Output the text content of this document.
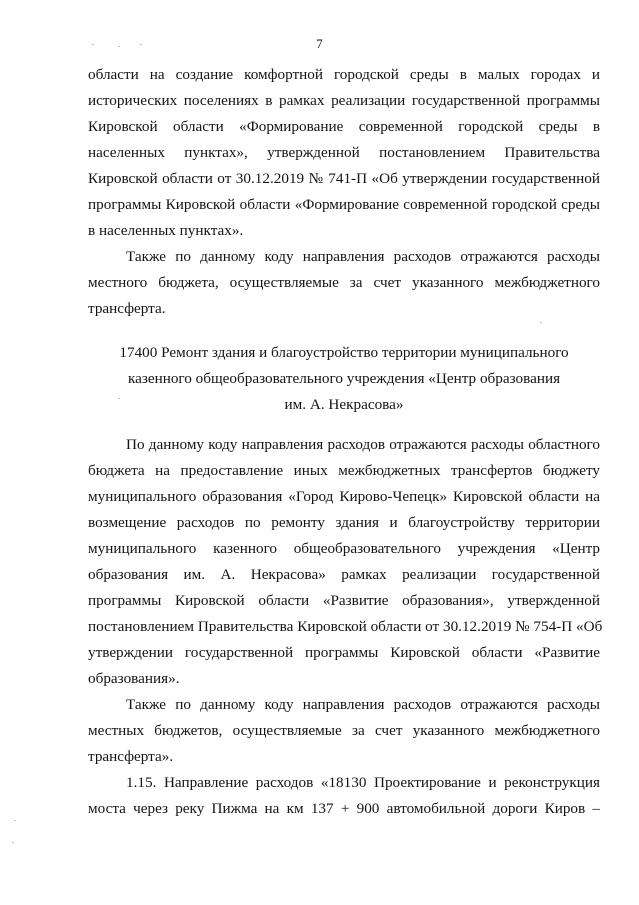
7
области на создание комфортной городской среды в малых городах и
исторических поселениях в рамках реализации государственной программы
Кировской области «Формирование современной городской среды в
населенных пунктах», утвержденной постановлением Правительства
Кировской области от 30.12.2019 № 741-П «Об утверждении государственной
программы Кировской области «Формирование современной городской среды
в населенных пунктах».
Также по данному коду направления расходов отражаются расходы
местного бюджета, осуществляемые за счет указанного межбюджетного
трансферта.
17400 Ремонт здания и благоустройство территории муниципального
казенного общеобразовательного учреждения «Центр образования
им. А. Некрасова»
По данному коду направления расходов отражаются расходы областного
бюджета на предоставление иных межбюджетных трансфертов бюджету
муниципального образования «Город Кирово-Чепецк» Кировской области на
возмещение расходов по ремонту здания и благоустройству территории
муниципального казенного общеобразовательного учреждения «Центр
образования им. А. Некрасова» рамках реализации государственной
программы Кировской области «Развитие образования», утвержденной
постановлением Правительства Кировской области от 30.12.2019 № 754-П «Об
утверждении государственной программы Кировской области «Развитие
образования».
Также по данному коду направления расходов отражаются расходы
местных бюджетов, осуществляемые за счет указанного межбюджетного
трансферта».
1.15. Направление расходов «18130 Проектирование и реконструкция
моста через реку Пижма на км 137 + 900 автомобильной дороги Киров –
